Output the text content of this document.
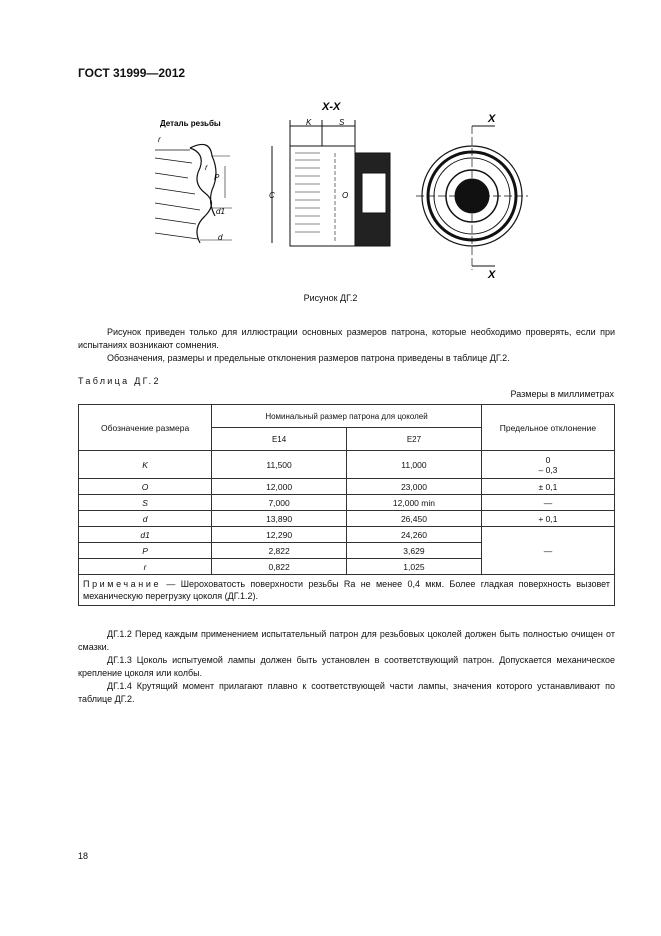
ГОСТ 31999—2012
Деталь резьбы
r
r
P
d1
d
X-X
K	S
C	O
X
X
Рисунок ДГ.2
Рисунок приведен только для иллюстрации основных размеров патрона, которые необходимо проверять, если при испытаниях возникают сомнения.
Обозначения, размеры и предельные отклонения размеров патрона приведены в таблице ДГ.2.
Таблица ДГ.2
Размеры в миллиметрах
Обозначение размера	Номинальный размер патрона для цоколей		Предельное отклонение
	E14	E27	
K	11,500	11,000	0
– 0,3

O	12,000	23,000	± 0,1
S	7,000	12,000 min	—
d	13,890	26,450	+ 0,1
d1	12,290	24,260	—
P	2,822	3,629	
r	0,822	1,025	
Примечание — Шероховатость поверхности резьбы Ra не менее 0,4 мкм. Более гладкая поверхность вызовет механическую перегрузку цоколя (ДГ.1.2).			
ДГ.1.2 Перед каждым применением испытательный патрон для резьбовых цоколей должен быть полностью очищен от смазки.
ДГ.1.3 Цоколь испытуемой лампы должен быть установлен в соответствующий патрон. Допускается механическое крепление цоколя или колбы.
ДГ.1.4 Крутящий момент прилагают плавно к соответствующей части лампы, значения которого устанавливают по таблице ДГ.2.
18
